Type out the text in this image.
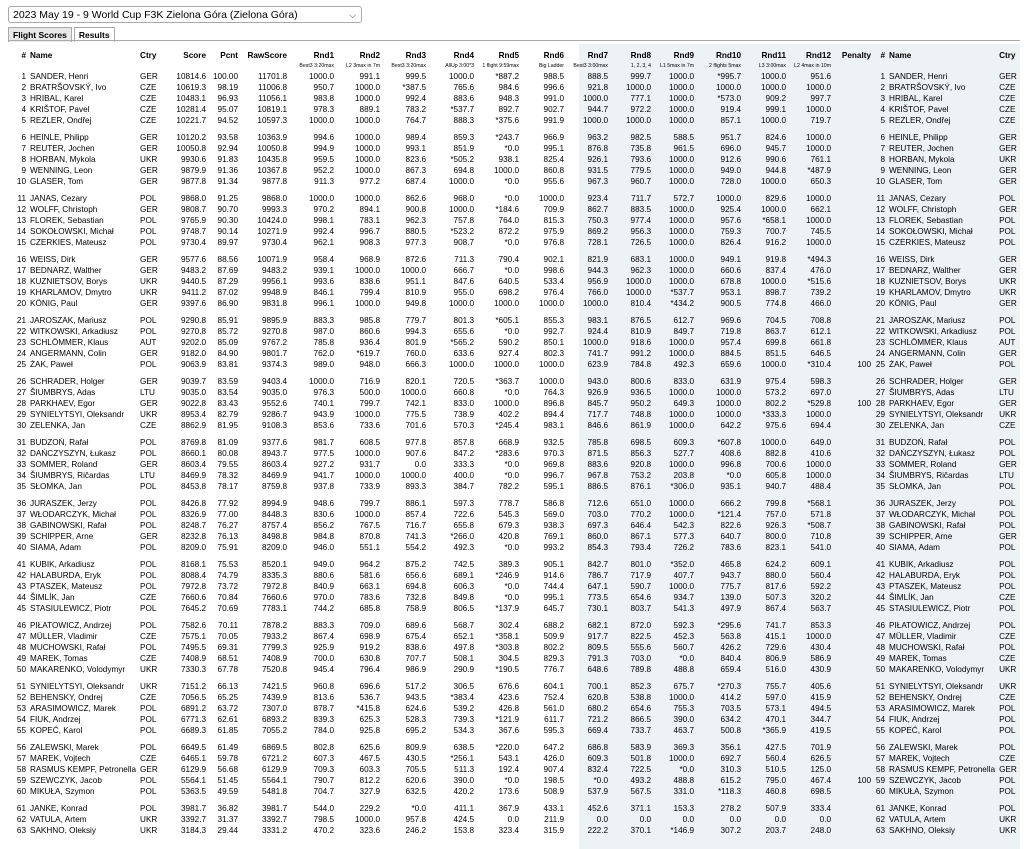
2023 May 19 - 9 World Cup F3K Zielona Góra (Zielona Góra)	⌵
Flight Scores	Results
#	Name	Ctry	Score	Pcnt	RawScore	Rnd1	Rnd2	Rnd3	Rnd4	Rnd5	Rnd6	Rnd7	Rnd8	Rnd9	Rnd10	Rnd11	Rnd12	Penalty	#	Name	Ctry
						Best3 3:20max	L2 3max in 7m	Best3 3:20max	AllUp 3:00*3	1 flight 9:59max	Big Ladder	Best3 3:00max	1, 2, 3, 4	L1 5max in 7m	2 flights 5max	L3 3:00max	L2 4max in 10m				
1	SANDER, Henri	GER	10814.6	100.00	11701.8	1000.0	991.1	999.5	1000.0	*887.2	988.5	888.5	999.7	1000.0	*995.7	1000.0	951.6		1	SANDER, Henri	GER
2	BRATRŠOVSKÝ, Ivo	CZE	10619.3	98.19	11006.8	950.7	1000.0	*387.5	765.6	984.6	996.6	921.8	1000.0	1000.0	1000.0	1000.0	1000.0		2	BRATRŠOVSKÝ, Ivo	CZE
3	HRIBAL, Karel	CZE	10483.1	96.93	11056.1	983.8	1000.0	992.4	883.6	948.3	991.0	1000.0	777.1	1000.0	*573.0	909.2	997.7		3	HRIBAL, Karel	CZE
4	KRIŠTOF, Pavel	CZE	10281.4	95.07	10819.1	978.3	889.1	783.2	*537.7	892.7	902.7	944.7	972.2	1000.0	919.4	999.1	1000.0		4	KRIŠTOF, Pavel	CZE
5	REZLER, Ondřej	CZE	10221.7	94.52	10597.3	1000.0	1000.0	764.7	888.3	*375.6	991.9	1000.0	1000.0	1000.0	857.1	1000.0	719.7		5	REZLER, Ondřej	CZE

6	HEINLE, Philipp	GER	10120.2	93.58	10363.9	994.6	1000.0	989.4	859.3	*243.7	966.9	963.2	982.5	588.5	951.7	824.6	1000.0		6	HEINLE, Philipp	GER
7	REUTER, Jochen	GER	10050.8	92.94	10050.8	994.9	1000.0	993.1	851.9	*0.0	995.1	876.8	735.8	961.5	696.0	945.7	1000.0		7	REUTER, Jochen	GER
8	HORBAN, Mykola	UKR	9930.6	91.83	10435.8	959.5	1000.0	823.6	*505.2	938.1	825.4	926.1	793.6	1000.0	912.6	990.6	761.1		8	HORBAN, Mykola	UKR
9	WENNING, Leon	GER	9879.9	91.36	10367.8	952.2	1000.0	867.3	694.8	1000.0	860.8	931.5	779.5	1000.0	949.0	944.8	*487.9		9	WENNING, Leon	GER
10	GLASER, Tom	GER	9877.8	91.34	9877.8	911.3	977.2	687.4	1000.0	*0.0	955.6	967.3	960.7	1000.0	728.0	1000.0	650.3		10	GLASER, Tom	GER

11	JANAS, Cezary	POL	9868.0	91.25	9868.0	1000.0	1000.0	862.6	968.0	*0.0	1000.0	923.4	711.7	572.7	1000.0	829.6	1000.0		11	JANAS, Cezary	POL
12	WOLFF, Christoph	GER	9808.7	90.70	9993.3	970.2	894.1	900.8	1000.0	*184.6	709.9	862.7	883.5	1000.0	925.4	1000.0	662.1		12	WOLFF, Christoph	GER
13	FLOREK, Sebastian	POL	9765.9	90.30	10424.0	998.1	783.1	962.3	757.8	764.0	815.3	750.3	977.4	1000.0	957.6	*658.1	1000.0		13	FLOREK, Sebastian	POL
14	SOKOŁOWSKI, Michał	POL	9748.7	90.14	10271.9	992.4	996.7	880.5	*523.2	872.2	975.9	869.2	956.3	1000.0	759.3	700.7	745.5		14	SOKOŁOWSKI, Michał	POL
15	CZERKIES, Mateusz	POL	9730.4	89.97	9730.4	962.1	908.3	977.3	908.7	*0.0	976.8	728.1	726.5	1000.0	826.4	916.2	1000.0		15	CZERKIES, Mateusz	POL

16	WEISS, Dirk	GER	9577.6	88.56	10071.9	958.4	968.9	872.6	711.3	790.4	902.1	821.9	683.1	1000.0	949.1	919.8	*494.3		16	WEISS, Dirk	GER
17	BEDNARZ, Walther	GER	9483.2	87.69	9483.2	939.1	1000.0	1000.0	666.7	*0.0	998.6	944.3	962.3	1000.0	660.6	837.4	476.0		17	BEDNARZ, Walther	GER
18	KUZNIETSOV, Borys	UKR	9440.5	87.29	9956.1	993.6	838.6	951.1	847.6	640.5	533.4	956.9	1000.0	1000.0	678.8	1000.0	*515.6		18	KUZNIETSOV, Borys	UKR
19	KHARLAMOV, Dmytro	UKR	9411.2	87.02	9948.9	846.1	799.4	810.9	955.0	698.2	976.4	766.0	1000.0	*537.7	953.1	898.7	739.2		19	KHARLAMOV, Dmytro	UKR
20	KÖNIG, Paul	GER	9397.6	86.90	9831.8	996.1	1000.0	949.8	1000.0	1000.0	1000.0	1000.0	810.4	*434.2	900.5	774.8	466.0		20	KÖNIG, Paul	GER

21	JAROSZAK, Mariusz	POL	9290.8	85.91	9895.9	883.3	985.8	779.7	801.3	*605.1	855.3	983.1	876.5	612.7	969.6	704.5	708.8		21	JAROSZAK, Mariusz	POL
22	WITKOWSKI, Arkadiusz	POL	9270.8	85.72	9270.8	987.0	860.6	994.3	655.6	*0.0	992.7	924.4	810.9	849.7	719.8	863.7	612.1		22	WITKOWSKI, Arkadiusz	POL
23	SCHLÖMMER, Klaus	AUT	9202.0	85.09	9767.2	785.8	936.4	801.9	*565.2	590.2	850.1	1000.0	918.6	1000.0	957.4	699.8	661.8		23	SCHLÖMMER, Klaus	AUT
24	ANGERMANN, Colin	GER	9182.0	84.90	9801.7	762.0	*619.7	760.0	633.6	927.4	802.3	741.7	991.2	1000.0	884.5	851.5	646.5		24	ANGERMANN, Colin	GER
25	ŻAK, Paweł	POL	9063.9	83.81	9374.3	989.0	948.0	666.3	1000.0	1000.0	1000.0	623.9	784.8	492.3	659.6	1000.0	*310.4	100	25	ŻAK, Paweł	POL

26	SCHRADER, Holger	GER	9039.7	83.59	9403.4	1000.0	716.9	820.1	720.5	*363.7	1000.0	943.0	800.6	833.0	631.9	975.4	598.3		26	SCHRADER, Holger	GER
27	ŠIUMBRYS, Adas	LTU	9035.0	83.54	9035.0	976.3	500.0	1000.0	660.8	*0.0	764.3	926.9	936.5	1000.0	1000.0	573.2	697.0		27	ŠIUMBRYS, Adas	LTU
28	PARKHAEV, Egor	GER	9022.8	83.43	9552.6	740.1	799.7	742.1	833.0	1000.0	896.8	845.7	950.2	649.3	1000.0	802.2	*529.8	100	28	PARKHAEV, Egor	GER
29	SYNIELYTSYI, Oleksandr	UKR	8953.4	82.79	9286.7	943.9	1000.0	775.5	738.9	402.2	894.4	717.7	748.8	1000.0	1000.0	*333.3	1000.0		29	SYNIELYTSYI, Oleksandr	UKR
30	ZELENKA, Jan	CZE	8862.9	81.95	9108.3	853.6	733.6	701.6	570.3	*245.4	983.1	846.6	861.9	1000.0	642.2	975.6	694.4		30	ZELENKA, Jan	CZE

31	BUDZOŃ, Rafał	POL	8769.8	81.09	9377.6	981.7	608.5	977.8	857.8	668.9	932.5	785.8	698.5	609.3	*607.8	1000.0	649.0		31	BUDZOŃ, Rafał	POL
32	DAŃCZYSZYN, Łukasz	POL	8660.1	80.08	8943.7	977.5	1000.0	907.6	847.2	*283.6	970.3	871.5	856.3	527.7	408.6	882.8	410.6		32	DAŃCZYSZYN, Łukasz	POL
33	SOMMER, Roland	GER	8603.4	79.55	8603.4	927.2	931.7	0.0	333.3	*0.0	969.8	883.6	920.8	1000.0	996.8	700.6	1000.0		33	SOMMER, Roland	GER
34	ŠIUMBRYS, Ričardas	LTU	8469.9	78.32	8469.9	941.7	1000.0	1000.0	400.0	*0.0	996.7	967.8	753.2	203.8	*0.0	605.8	1000.0		34	ŠIUMBRYS, Ričardas	LTU
35	SŁOMKA, Jan	POL	8453.8	78.17	8759.8	937.8	733.9	893.3	384.7	782.2	595.1	886.5	876.1	*306.0	935.1	940.7	488.4		35	SŁOMKA, Jan	POL

36	JURASZEK, Jerzy	POL	8426.8	77.92	8994.9	948.6	799.7	886.1	597.3	778.7	586.8	712.6	651.0	1000.0	666.2	799.8	*568.1		36	JURASZEK, Jerzy	POL
37	WŁODARCZYK, Michał	POL	8326.9	77.00	8448.3	830.6	1000.0	857.4	722.6	545.3	569.0	703.0	770.2	1000.0	*121.4	757.0	571.8		37	WŁODARCZYK, Michał	POL
38	GABINOWSKI, Rafał	POL	8248.7	76.27	8757.4	856.2	767.5	716.7	655.8	679.3	938.3	697.3	646.4	542.3	822.6	926.3	*508.7		38	GABINOWSKI, Rafał	POL
39	SCHIPPER, Arne	GER	8232.8	76.13	8498.8	984.8	870.8	741.3	*266.0	420.8	769.1	860.0	867.1	577.3	640.7	800.0	710.8		39	SCHIPPER, Arne	GER
40	SIAMA, Adam	POL	8209.0	75.91	8209.0	946.0	551.1	554.2	492.3	*0.0	993.2	854.3	793.4	726.2	783.6	823.1	541.0		40	SIAMA, Adam	POL

41	KUBIK, Arkadiusz	POL	8168.1	75.53	8520.1	949.0	964.2	875.2	742.5	389.3	905.1	842.7	801.0	*352.0	465.8	624.2	609.1		41	KUBIK, Arkadiusz	POL
42	HALABURDA, Eryk	POL	8088.4	74.79	8335.3	880.6	581.6	656.6	689.1	*246.9	914.6	786.7	717.9	407.7	943.7	880.0	560.4		42	HALABURDA, Eryk	POL
43	PTASZEK, Mateusz	POL	7972.8	73.72	7972.8	840.9	663.1	694.8	606.3	*0.0	744.4	647.1	590.7	1000.0	775.7	817.6	592.2		43	PTASZEK, Mateusz	POL
44	ŠIMLÍK, Jan	CZE	7660.6	70.84	7660.6	970.0	783.6	732.8	849.8	*0.0	995.1	773.5	654.6	934.7	139.0	507.3	320.2		44	ŠIMLÍK, Jan	CZE
45	STASIULEWICZ, Piotr	POL	7645.2	70.69	7783.1	744.2	685.8	758.9	806.5	*137.9	645.7	730.1	803.7	541.3	497.9	867.4	563.7		45	STASIULEWICZ, Piotr	POL

46	PIŁATOWICZ, Andrzej	POL	7582.6	70.11	7878.2	883.3	709.0	689.6	568.7	302.4	688.2	682.1	872.0	592.3	*295.6	741.7	853.3		46	PIŁATOWICZ, Andrzej	POL
47	MÜLLER, Vladimir	CZE	7575.1	70.05	7933.2	867.4	698.9	675.4	652.1	*358.1	509.9	917.7	822.5	452.3	563.8	415.1	1000.0		47	MÜLLER, Vladimir	CZE
48	MUCHOWSKI, Rafał	POL	7495.5	69.31	7799.3	925.9	919.2	838.6	497.8	*303.8	802.2	809.5	555.6	560.7	426.2	729.6	430.4		48	MUCHOWSKI, Rafał	POL
49	MAREK, Tomas	CZE	7408.9	68.51	7408.9	700.0	630.8	707.7	508.1	304.5	829.3	791.3	703.0	*0.0	840.4	806.9	586.9		49	MAREK, Tomas	CZE
50	MAKARENKO, Volodymyr	UKR	7330.3	67.78	7520.8	945.4	796.4	986.9	290.9	*190.5	776.7	648.6	789.8	488.8	659.4	516.0	430.9		50	MAKARENKO, Volodymyr	UKR

51	SYNIELYTSYI, Oleksandr	UKR	7151.2	66.13	7421.5	960.8	696.6	517.2	306.5	676.6	604.1	700.1	852.3	675.7	*270.3	755.7	405.6		51	SYNIELYTSYI, Oleksandr	UKR
52	BEHENSKY, Ondrej	CZE	7056.5	65.25	7439.9	813.6	536.7	943.5	*383.4	423.6	752.4	620.8	538.8	1000.0	414.2	597.0	415.9		52	BEHENSKY, Ondrej	CZE
53	ARASIMOWICZ, Marek	POL	6891.2	63.72	7307.0	878.7	*415.8	624.6	539.2	426.8	561.0	680.2	654.6	755.3	703.5	573.1	494.5		53	ARASIMOWICZ, Marek	POL
54	FIUK, Andrzej	POL	6771.3	62.61	6893.2	839.3	625.3	528.3	739.3	*121.9	611.7	721.2	866.5	390.0	634.2	470.1	344.7		54	FIUK, Andrzej	POL
55	KOPEĆ, Karol	POL	6689.3	61.85	7055.2	784.0	925.8	695.2	534.3	367.6	595.3	669.4	733.7	463.7	500.8	*365.9	419.5		55	KOPEĆ, Karol	POL

56	ZALEWSKI, Marek	POL	6649.5	61.49	6869.5	802.8	625.6	809.9	638.5	*220.0	647.2	686.8	583.9	369.3	356.1	427.5	701.9		56	ZALEWSKI, Marek	POL
57	MAREK, Vojtech	CZE	6465.1	59.78	6721.2	607.3	467.5	430.5	*256.1	543.1	426.0	609.3	501.8	1000.0	692.7	560.4	626.5		57	MAREK, Vojtech	CZE
58	RASMUS KEMPF, Petronella	GER	6129.9	56.68	6129.9	709.3	603.3	705.5	511.3	192.4	907.4	832.4	722.5	*0.0	310.3	510.5	125.0		58	RASMUS KEMPF, Petronella	GER
59	SZEWCZYK, Jacob	POL	5564.1	51.45	5564.1	790.7	812.2	620.6	390.0	*0.0	198.5	*0.0	493.2	488.8	615.2	795.0	467.4	100	59	SZEWCZYK, Jacob	POL
60	MIKUŁA, Szymon	POL	5363.5	49.59	5481.8	704.7	327.9	632.5	420.2	173.6	508.9	537.9	567.5	331.0	*118.3	460.8	698.5		60	MIKUŁA, Szymon	POL

61	JANKE, Konrad	POL	3981.7	36.82	3981.7	544.0	229.2	*0.0	411.1	367.9	433.1	452.6	371.1	153.3	278.2	507.9	333.4		61	JANKE, Konrad	POL
62	VATULA, Artem	UKR	3392.7	31.37	3392.7	798.5	1000.0	957.8	424.5	0.0	211.9	0.0	0.0	0.0	0.0	0.0	0.0		62	VATULA, Artem	UKR
63	SAKHNO, Oleksiy	UKR	3184.3	29.44	3331.2	470.2	323.6	246.2	153.8	323.4	315.9	222.2	370.1	*146.9	307.2	203.7	248.0		63	SAKHNO, Oleksiy	UKR
